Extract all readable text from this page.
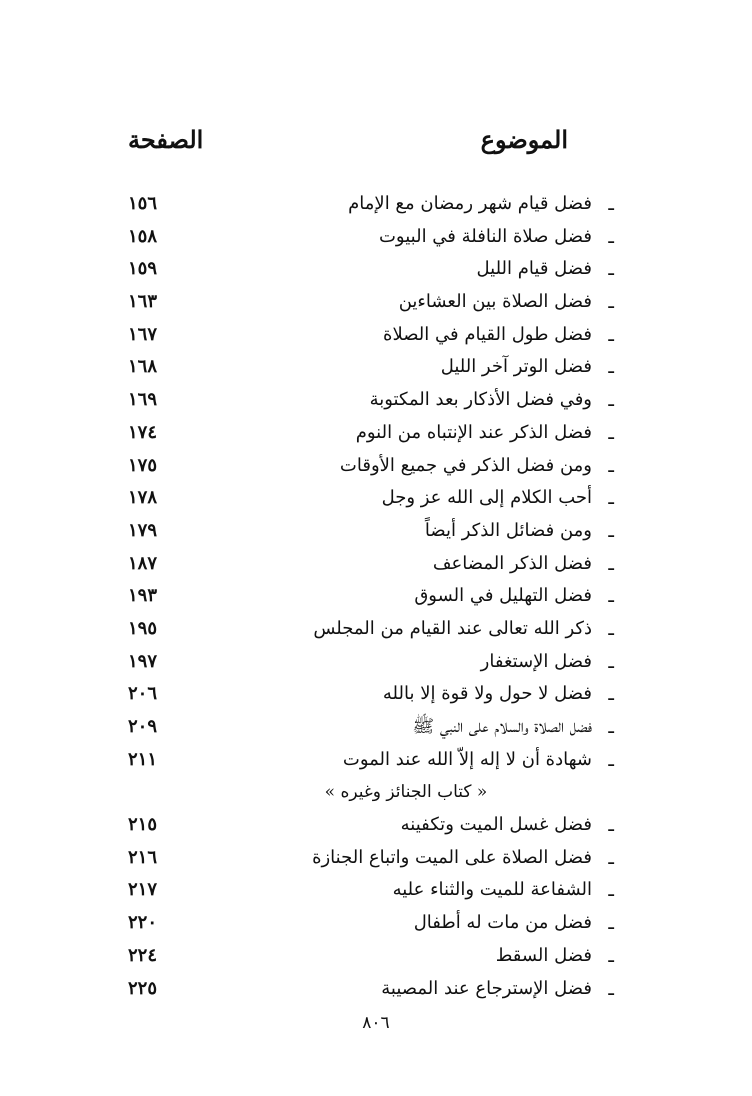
الموضوع
الصفحة
ـ
فضل قيام شهر رمضان مع الإمام
١٥٦
ـ
فضل صلاة النافلة في البيوت
١٥٨
ـ
فضل قيام الليل
١٥٩
ـ
فضل الصلاة بين العشاءين
١٦٣
ـ
فضل طول القيام في الصلاة
١٦٧
ـ
فضل الوتر آخر الليل
١٦٨
ـ
وفي فضل الأذكار بعد المكتوبة
١٦٩
ـ
فضل الذكر عند الإنتباه من النوم
١٧٤
ـ
ومن فضل الذكر في جميع الأوقات
١٧٥
ـ
أحب الكلام إلى الله عز وجل
١٧٨
ـ
ومن فضائل الذكر أيضاً
١٧٩
ـ
فضل الذكر المضاعف
١٨٧
ـ
فضل التهليل في السوق
١٩٣
ـ
ذكر الله تعالى عند القيام من المجلس
١٩٥
ـ
فضل الإستغفار
١٩٧
ـ
فضل لا حول ولا قوة إلا بالله
٢٠٦
ـ
فضل الصلاة والسلام على النبي ﷺ
٢٠٩
ـ
شهادة أن لا إله إلاّ الله عند الموت
٢١١
« كتاب الجنائز وغيره »
ـ
فضل غسل الميت وتكفينه
٢١٥
ـ
فضل الصلاة على الميت واتباع الجنازة
٢١٦
ـ
الشفاعة للميت والثناء عليه
٢١٧
ـ
فضل من مات له أطفال
٢٢٠
ـ
فضل السقط
٢٢٤
ـ
فضل الإسترجاع عند المصيبة
٢٢٥
٨٠٦
